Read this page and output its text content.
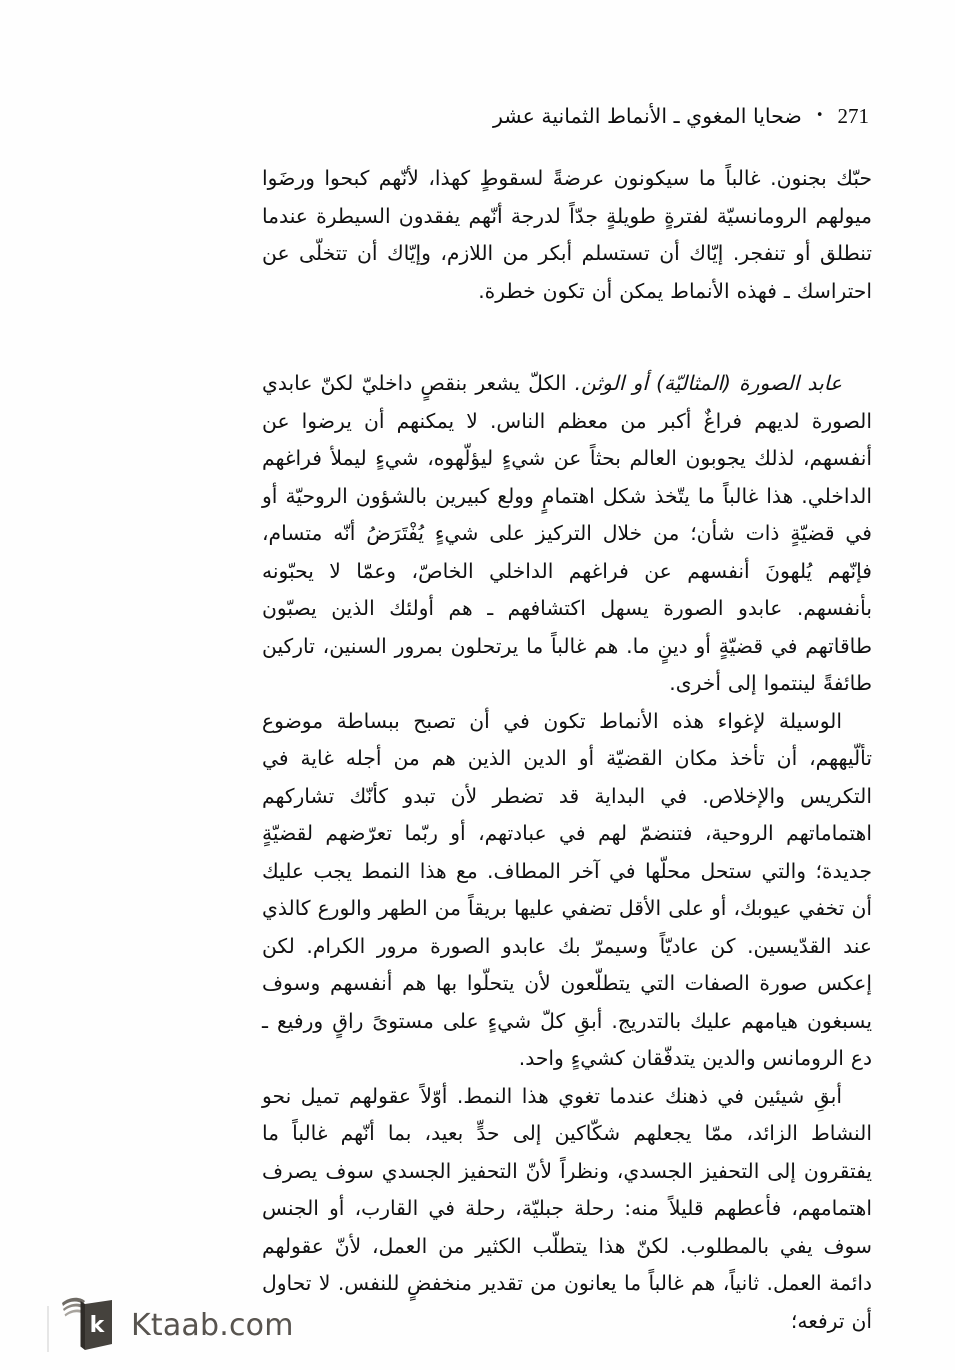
ضحايا المغوي ـ الأنماط الثمانية عشر • 271

حبّك بجنون. غالباً ما سيكونون عرضةً لسقوطٍ كهذا، لأنّهم كبحوا ورضَوا ميولهم الرومانسيّة لفترةٍ طويلةٍ جدّاً لدرجة أنّهم يفقدون السيطرة عندما تنطلق أو تنفجر. إيّاك أن تستسلم أبكر من اللازم، وإيّاك أن تتخلّى عن احتراسك ـ فهذه الأنماط يمكن أن تكون خطرة.

عابد الصورة (المثاليّة) أو الوثن. الكلّ يشعر بنقصٍ داخليّ لكنّ عابدي الصورة لديهم فراغٌ أكبر من معظم الناس. لا يمكنهم أن يرضوا عن أنفسهم، لذلك يجوبون العالم بحثاً عن شيءٍ ليؤلّهوه، شيءٍ ليملأ فراغهم الداخلي. هذا غالباً ما يتّخذ شكل اهتمامٍ وولع كبيرين بالشؤون الروحيّة أو في قضيّةٍ ذات شأن؛ من خلال التركيز على شيءٍ يُفْتَرَضُ أنّه متسام، فإنّهم يُلهونَ أنفسهم عن فراغهم الداخلي الخاصّ، وعمّا لا يحبّونه بأنفسهم. عابدو الصورة يسهل اكتشافهم ـ هم أولئك الذين يصبّون طاقاتهم في قضيّةٍ أو دينٍ ما. هم غالباً ما يرتحلون بمرور السنين، تاركين طائفةً لينتموا إلى أخرى.

الوسيلة لإغواء هذه الأنماط تكون في أن تصبح ببساطة موضوع تألّيههم، أن تأخذ مكان القضيّة أو الدين الذين هم من أجله غاية في التكريس والإخلاص. في البداية قد تضطر لأن تبدو كأنّك تشاركهم اهتماماتهم الروحية، فتنضمّ لهم في عبادتهم، أو ربّما تعرّضهم لقضيّةٍ جديدة؛ والتي ستحل محلّها في آخر المطاف. مع هذا النمط يجب عليك أن تخفي عيوبك، أو على الأقل تضفي عليها بريقاً من الطهر والورع كالذي عند القدّيسين. كن عاديّاً وسيمرّ بك عابدو الصورة مرور الكرام. لكن إعكس صورة الصفات التي يتطلّعون لأن يتحلّوا بها هم أنفسهم وسوف يسبغون هيامهم عليك بالتدريج. أبقِ كلّ شيءٍ على مستوىً راقٍ ورفيع ـ دع الرومانس والدين يتدفّقان كشيءٍ واحد.

أبقِ شيئين في ذهنك عندما تغوي هذا النمط. أوّلاً عقولهم تميل نحو النشاط الزائد، ممّا يجعلهم شكّاكين إلى حدٍّ بعيد، بما أنّهم غالباً ما يفتقرون إلى التحفيز الجسدي، ونظراً لأنّ التحفيز الجسدي سوف يصرف اهتمامهم، فأعطهم قليلاً منه: رحلة جبليّة، رحلة في القارب، أو الجنس سوف يفي بالمطلوب. لكنّ هذا يتطلّب الكثير من العمل، لأنّ عقولهم دائمة العمل. ثانياً، هم غالباً ما يعانون من تقدير منخفضٍ للنفس. لا تحاول أن ترفعه؛

k Ktaab.com
